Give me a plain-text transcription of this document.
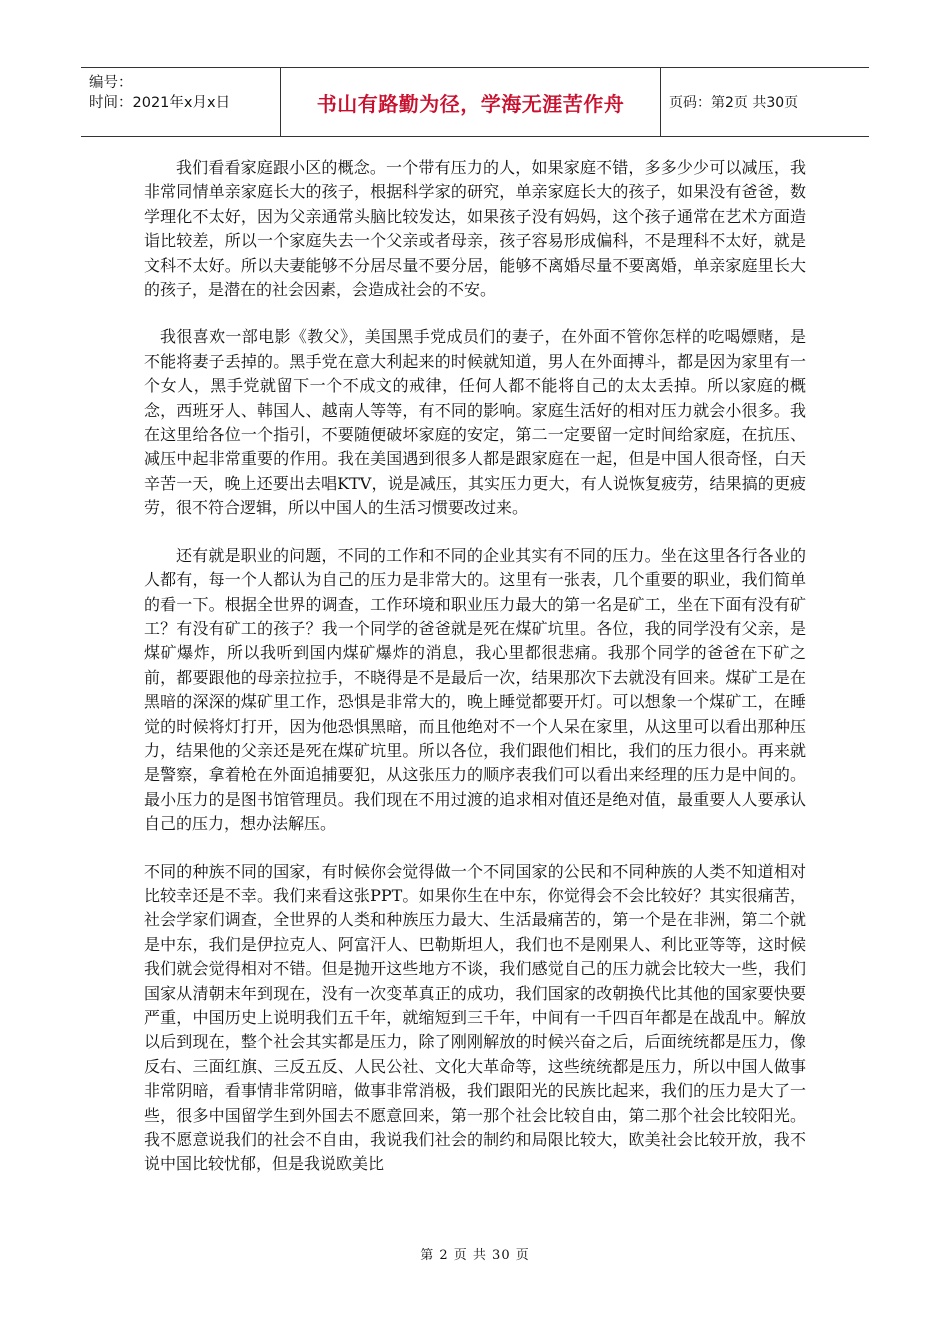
编号：
时间：2021年x月x日	书山有路勤为径，学海无涯苦作舟	页码：第2页 共30页

我们看看家庭跟小区的概念。一个带有压力的人，如果家庭不错，多多少少可以减压，我非常同情单亲家庭长大的孩子，根据科学家的研究，单亲家庭长大的孩子，如果没有爸爸，数学理化不太好，因为父亲通常头脑比较发达，如果孩子没有妈妈，这个孩子通常在艺术方面造诣比较差，所以一个家庭失去一个父亲或者母亲，孩子容易形成偏科，不是理科不太好，就是文科不太好。所以夫妻能够不分居尽量不要分居，能够不离婚尽量不要离婚，单亲家庭里长大的孩子，是潜在的社会因素，会造成社会的不安。

我很喜欢一部电影《教父》，美国黑手党成员们的妻子，在外面不管你怎样的吃喝嫖赌，是不能将妻子丢掉的。黑手党在意大利起来的时候就知道，男人在外面搏斗，都是因为家里有一个女人，黑手党就留下一个不成文的戒律，任何人都不能将自己的太太丢掉。所以家庭的概念，西班牙人、韩国人、越南人等等，有不同的影响。家庭生活好的相对压力就会小很多。我在这里给各位一个指引，不要随便破坏家庭的安定，第二一定要留一定时间给家庭，在抗压、减压中起非常重要的作用。我在美国遇到很多人都是跟家庭在一起，但是中国人很奇怪，白天辛苦一天，晚上还要出去唱KTV，说是减压，其实压力更大，有人说恢复疲劳，结果搞的更疲劳，很不符合逻辑，所以中国人的生活习惯要改过来。

还有就是职业的问题，不同的工作和不同的企业其实有不同的压力。坐在这里各行各业的人都有，每一个人都认为自己的压力是非常大的。这里有一张表，几个重要的职业，我们简单的看一下。根据全世界的调查，工作环境和职业压力最大的第一名是矿工，坐在下面有没有矿工？有没有矿工的孩子？我一个同学的爸爸就是死在煤矿坑里。各位，我的同学没有父亲，是煤矿爆炸，所以我听到国内煤矿爆炸的消息，我心里都很悲痛。我那个同学的爸爸在下矿之前，都要跟他的母亲拉拉手，不晓得是不是最后一次，结果那次下去就没有回来。煤矿工是在黑暗的深深的煤矿里工作，恐惧是非常大的，晚上睡觉都要开灯。可以想象一个煤矿工，在睡觉的时候将灯打开，因为他恐惧黑暗，而且他绝对不一个人呆在家里，从这里可以看出那种压力，结果他的父亲还是死在煤矿坑里。所以各位，我们跟他们相比，我们的压力很小。再来就是警察，拿着枪在外面追捕要犯，从这张压力的顺序表我们可以看出来经理的压力是中间的。最小压力的是图书馆管理员。我们现在不用过渡的追求相对值还是绝对值，最重要人人要承认自己的压力，想办法解压。

不同的种族不同的国家，有时候你会觉得做一个不同国家的公民和不同种族的人类不知道相对比较幸还是不幸。我们来看这张PPT。如果你生在中东，你觉得会不会比较好？其实很痛苦，社会学家们调查，全世界的人类和种族压力最大、生活最痛苦的，第一个是在非洲，第二个就是中东，我们是伊拉克人、阿富汗人、巴勒斯坦人，我们也不是刚果人、利比亚等等，这时候我们就会觉得相对不错。但是抛开这些地方不谈，我们感觉自己的压力就会比较大一些，我们国家从清朝末年到现在，没有一次变革真正的成功，我们国家的改朝换代比其他的国家要快要严重，中国历史上说明我们五千年，就缩短到三千年，中间有一千四百年都是在战乱中。解放以后到现在，整个社会其实都是压力，除了刚刚解放的时候兴奋之后，后面统统都是压力，像反右、三面红旗、三反五反、人民公社、文化大革命等，这些统统都是压力，所以中国人做事非常阴暗，看事情非常阴暗，做事非常消极，我们跟阳光的民族比起来，我们的压力是大了一些，很多中国留学生到外国去不愿意回来，第一那个社会比较自由，第二那个社会比较阳光。我不愿意说我们的社会不自由，我说我们社会的制约和局限比较大，欧美社会比较开放，我不说中国比较忧郁，但是我说欧美比

第 2 页 共 30 页
